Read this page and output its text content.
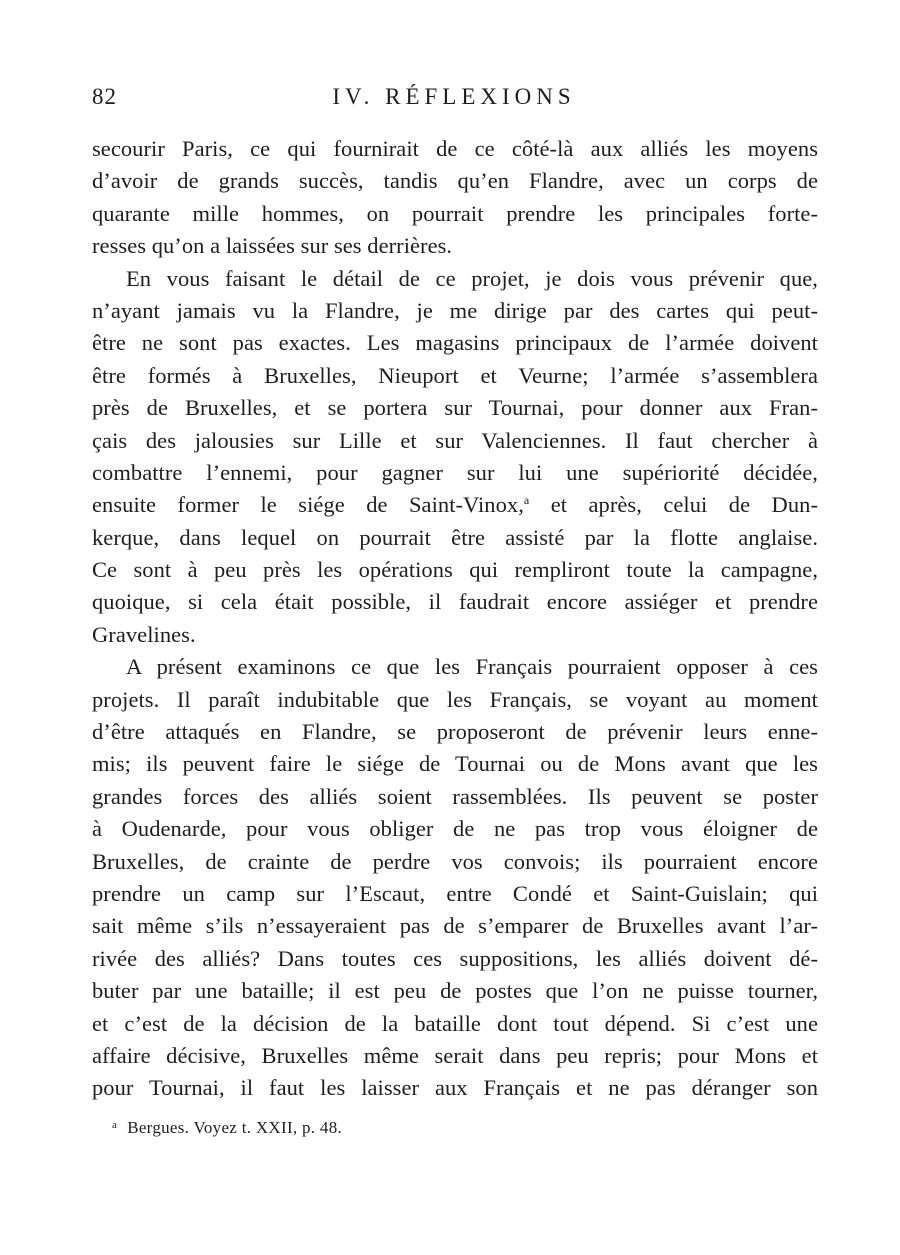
82	IV. RÉFLEXIONS
secourir Paris, ce qui fournirait de ce côté-là aux alliés les moyens
d’avoir de grands succès, tandis qu’en Flandre, avec un corps de
quarante mille hommes, on pourrait prendre les principales forte-
resses qu’on a laissées sur ses derrières.
En vous faisant le détail de ce projet, je dois vous prévenir que,
n’ayant jamais vu la Flandre, je me dirige par des cartes qui peut-
être ne sont pas exactes. Les magasins principaux de l’armée doivent
être formés à Bruxelles, Nieuport et Veurne; l’armée s’assemblera
près de Bruxelles, et se portera sur Tournai, pour donner aux Fran-
çais des jalousies sur Lille et sur Valenciennes. Il faut chercher à
combattre l’ennemi, pour gagner sur lui une supériorité décidée,
ensuite former le siége de Saint-Vinox,$^a$ et après, celui de Dun-
kerque, dans lequel on pourrait être assisté par la flotte anglaise.
Ce sont à peu près les opérations qui rempliront toute la campagne,
quoique, si cela était possible, il faudrait encore assiéger et prendre
Gravelines.
A présent examinons ce que les Français pourraient opposer à ces
projets. Il paraît indubitable que les Français, se voyant au moment
d’être attaqués en Flandre, se proposeront de prévenir leurs enne-
mis; ils peuvent faire le siége de Tournai ou de Mons avant que les
grandes forces des alliés soient rassemblées. Ils peuvent se poster
à Oudenarde, pour vous obliger de ne pas trop vous éloigner de
Bruxelles, de crainte de perdre vos convois; ils pourraient encore
prendre un camp sur l’Escaut, entre Condé et Saint-Guislain; qui
sait même s’ils n’essayeraient pas de s’emparer de Bruxelles avant l’ar-
rivée des alliés? Dans toutes ces suppositions, les alliés doivent dé-
buter par une bataille; il est peu de postes que l’on ne puisse tourner,
et c’est de la décision de la bataille dont tout dépend. Si c’est une
affaire décisive, Bruxelles même serait dans peu repris; pour Mons et
pour Tournai, il faut les laisser aux Français et ne pas déranger son
$^a$ Bergues. Voyez t. XXII, p. 48.
